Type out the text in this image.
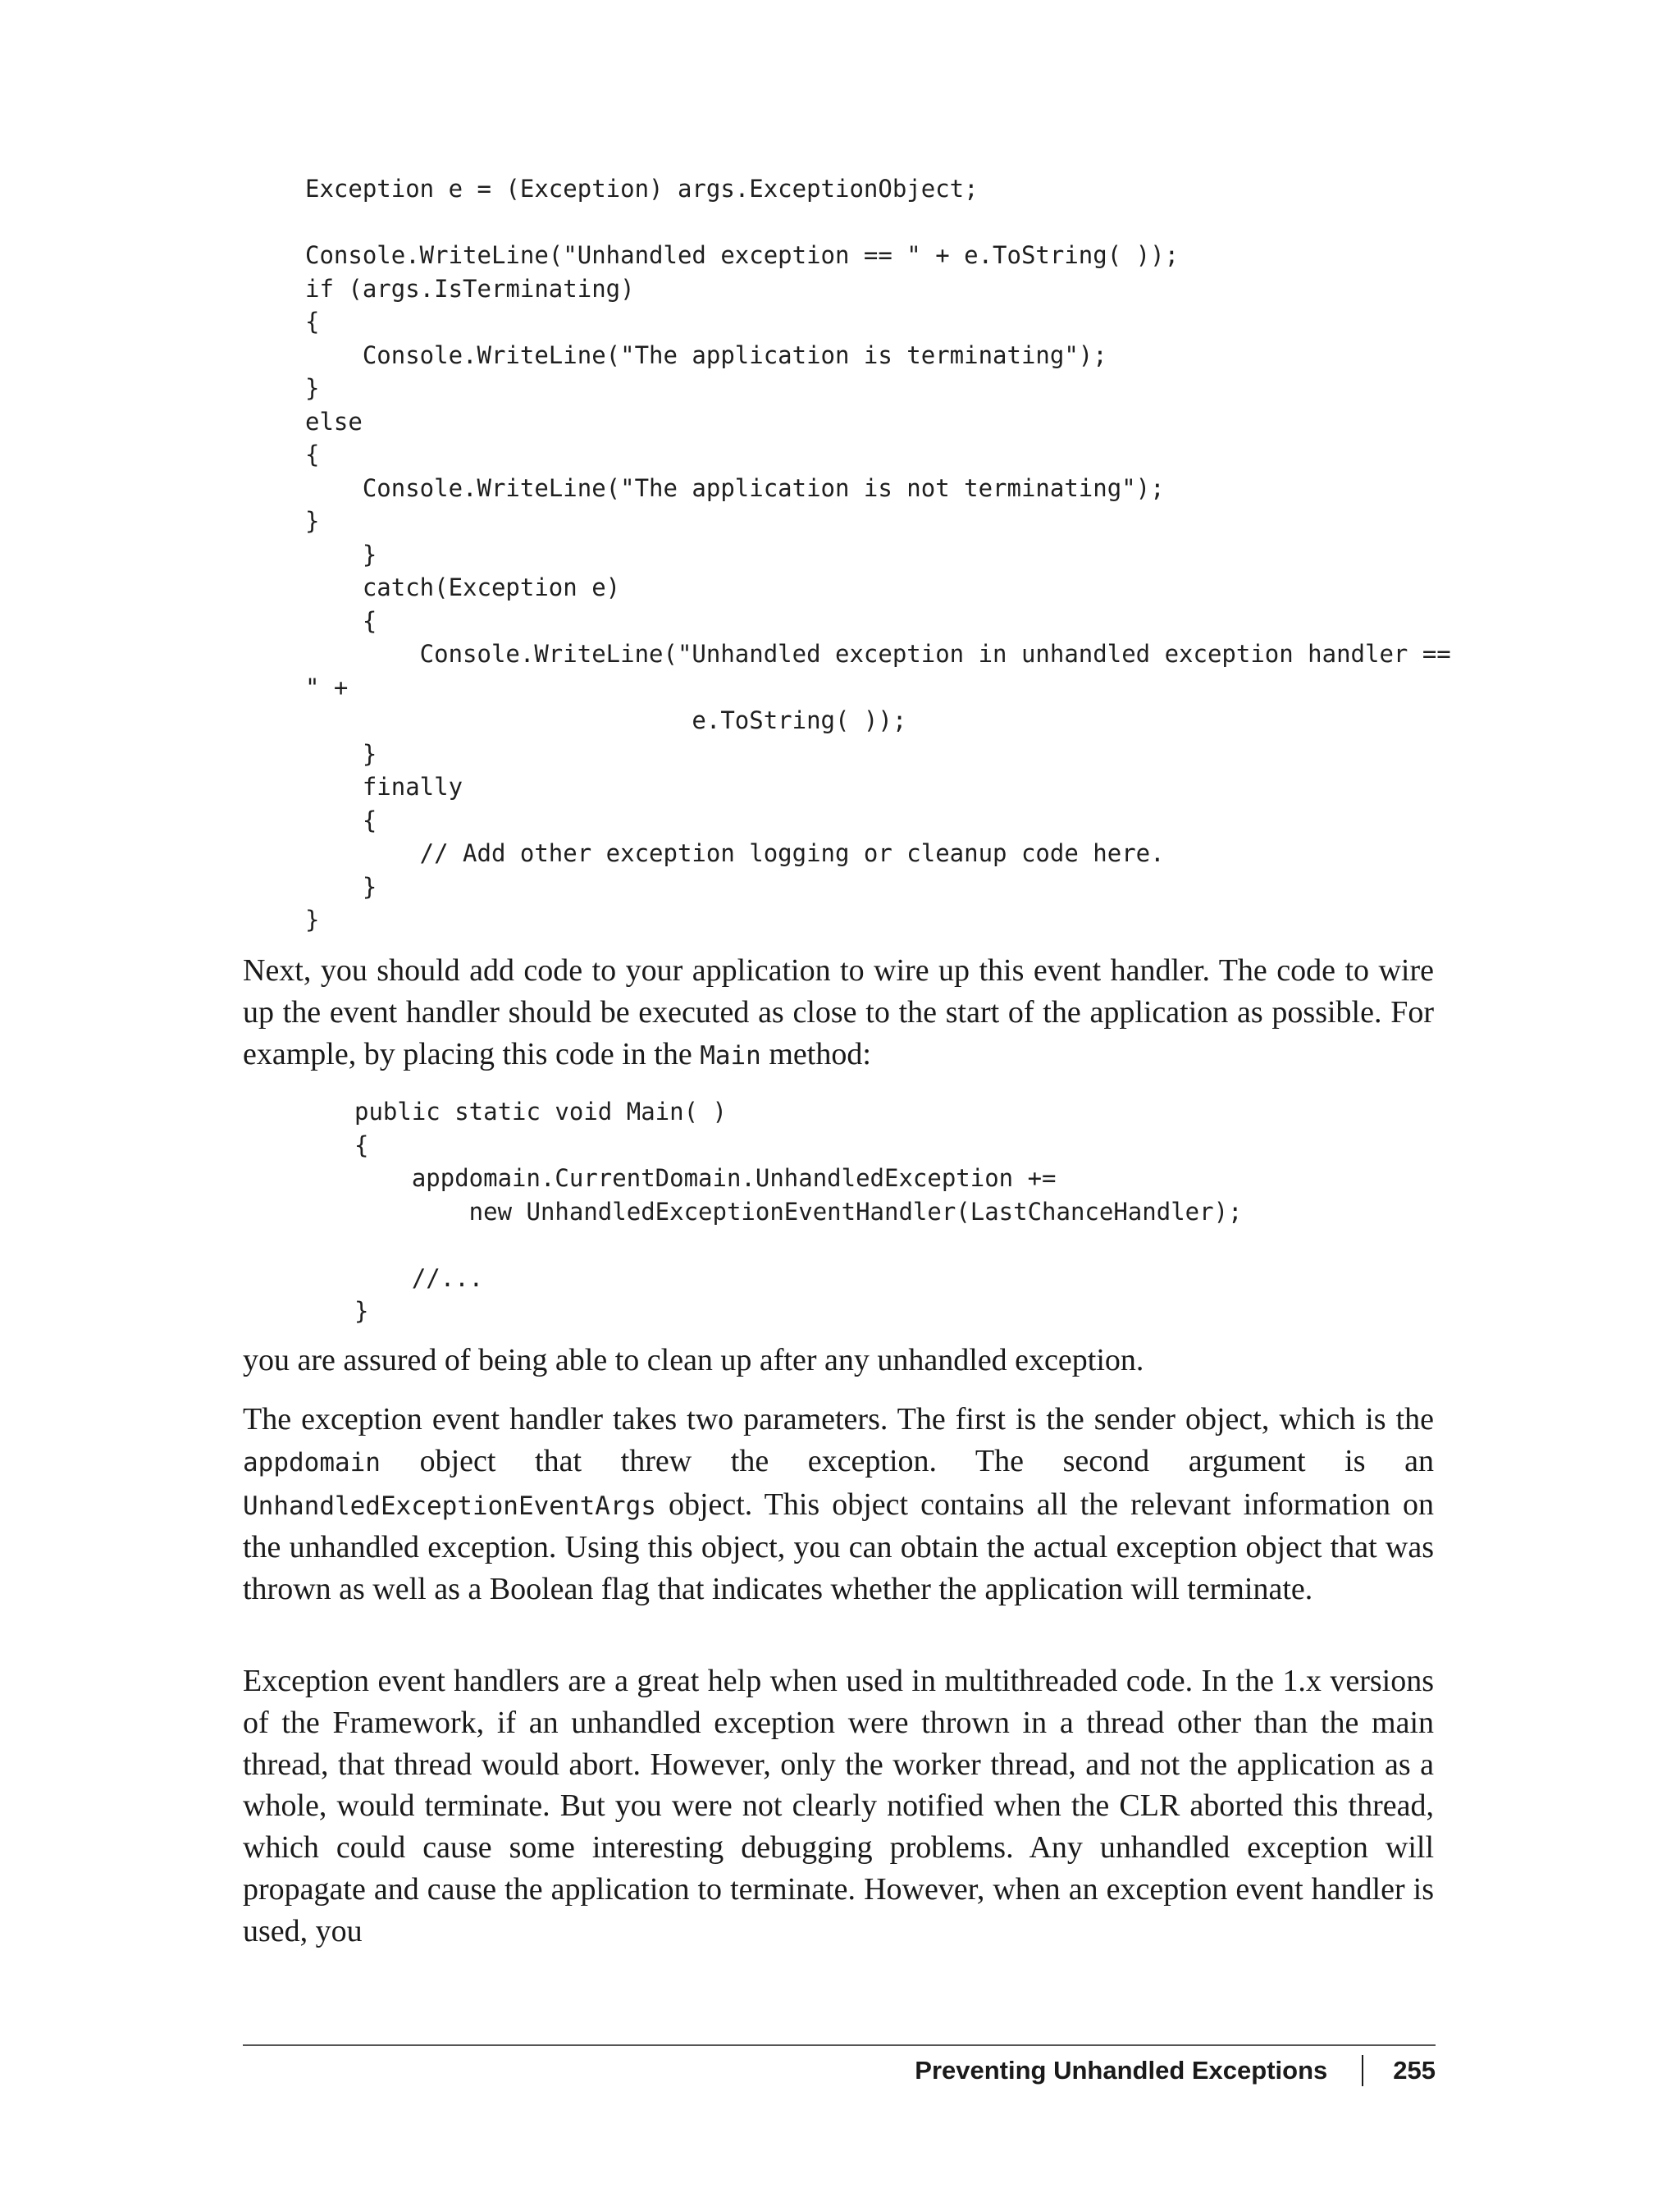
Exception e = (Exception) args.ExceptionObject;

Console.WriteLine("Unhandled exception == " + e.ToString( ));
if (args.IsTerminating)
{
Console.WriteLine("The application is terminating");
}
else
{
Console.WriteLine("The application is not terminating");
}
}
catch(Exception e)
{
Console.WriteLine("Unhandled exception in unhandled exception handler ==
" +
e.ToString( ));
}
finally
{
// Add other exception logging or cleanup code here.
}
}

Next, you should add code to your application to wire up this event handler. The code to wire up the event handler should be executed as close to the start of the application as possible. For example, by placing this code in the Main method:

public static void Main( )
{
appdomain.CurrentDomain.UnhandledException +=
new UnhandledExceptionEventHandler(LastChanceHandler);

//...
}

you are assured of being able to clean up after any unhandled exception.

The exception event handler takes two parameters. The first is the sender object, which is the appdomain object that threw the exception. The second argument is an UnhandledExceptionEventArgs object. This object contains all the relevant information on the unhandled exception. Using this object, you can obtain the actual exception object that was thrown as well as a Boolean flag that indicates whether the application will terminate.

Exception event handlers are a great help when used in multithreaded code. In the 1.x versions of the Framework, if an unhandled exception were thrown in a thread other than the main thread, that thread would abort. However, only the worker thread, and not the application as a whole, would terminate. But you were not clearly notified when the CLR aborted this thread, which could cause some interesting debugging problems. Any unhandled exception will propagate and cause the application to terminate. However, when an exception event handler is used, you

Preventing Unhandled Exceptions	255
